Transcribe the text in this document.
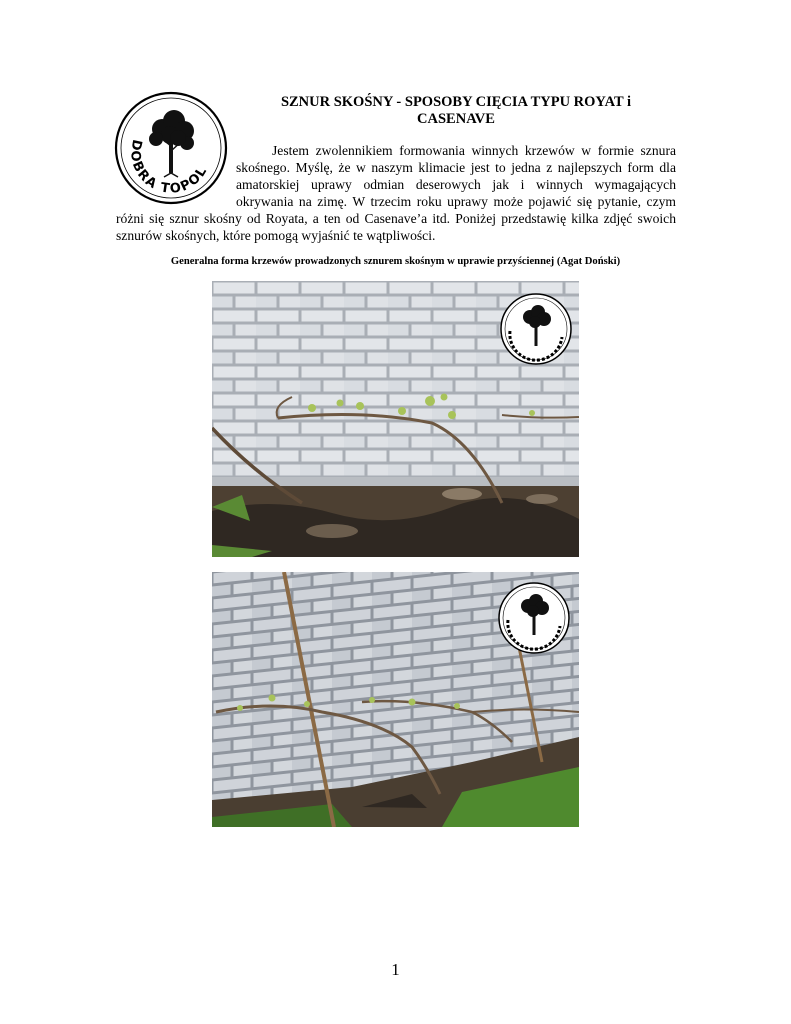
DOBRA TOPOL
SZNUR SKOŚNY - SPOSOBY CIĘCIA TYPU ROYAT i
CASENAVE

Jestem zwolennikiem formowania winnych krzewów w formie sznura skośnego. Myślę, że w naszym klimacie jest to jedna z najlepszych form dla amatorskiej uprawy odmian deserowych jak i winnych wymagających okrywania na zimę. W trzecim roku uprawy może pojawić się pytanie, czym różni się sznur skośny od Royata, a ten od Casenave’a itd. Poniżej przedstawię kilka zdjęć swoich sznurów skośnych, które pomogą wyjaśnić te wątpliwości.

Generalna forma krzewów prowadzonych sznurem skośnym w uprawie przyściennej (Agat Doński)
1
